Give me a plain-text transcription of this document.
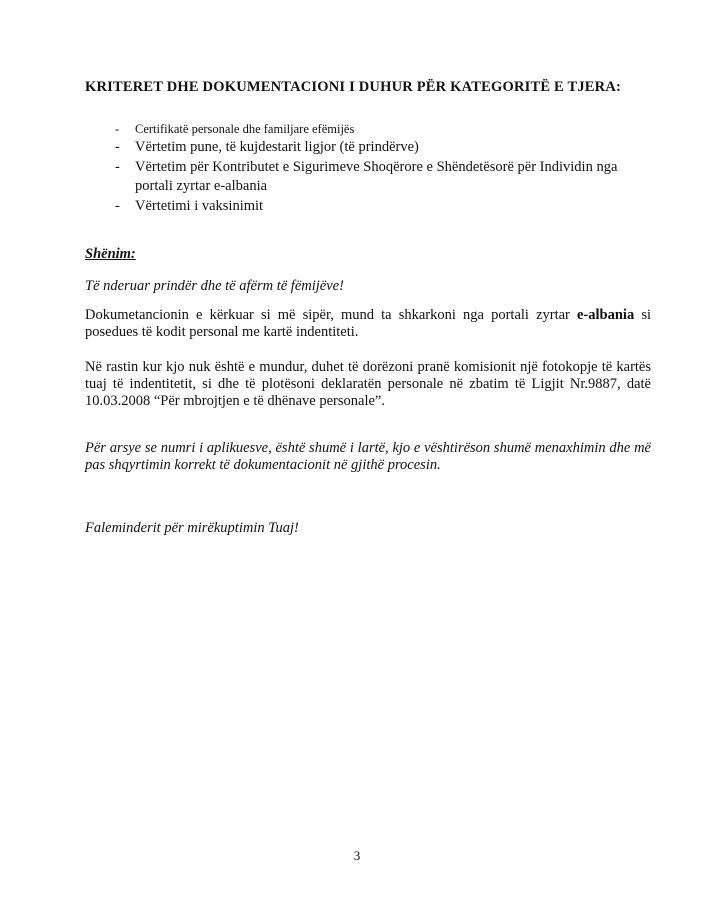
KRITERET DHE DOKUMENTACIONI I DUHUR PËR KATEGORITË E TJERA:
-	Certifikatë personale dhe familjare efëmijës
-	Vërtetim pune, të kujdestarit ligjor (të prindërve)
-	Vërtetim për Kontributet e Sigurimeve Shoqërore e Shëndetësorë për Individin nga portali zyrtar e-albania
-	Vërtetimi i vaksinimit
Shënim:

Të nderuar prindër dhe të afërm të fëmijëve!

Dokumetancionin e kërkuar si më sipër, mund ta shkarkoni nga portali zyrtar e-albania si posedues të kodit personal me kartë indentiteti.

Në rastin kur kjo nuk është e mundur, duhet të dorëzoni pranë komisionit një fotokopje të kartës tuaj të indentitetit, si dhe të plotësoni deklaratën personale në zbatim të Ligjit Nr.9887, datë 10.03.2008 “Për mbrojtjen e të dhënave personale”.

Për arsye se numri i aplikuesve, është shumë i lartë, kjo e vështirëson shumë menaxhimin dhe më pas shqyrtimin korrekt të dokumentacionit në gjithë procesin.

Faleminderit për mirëkuptimin Tuaj!

3
